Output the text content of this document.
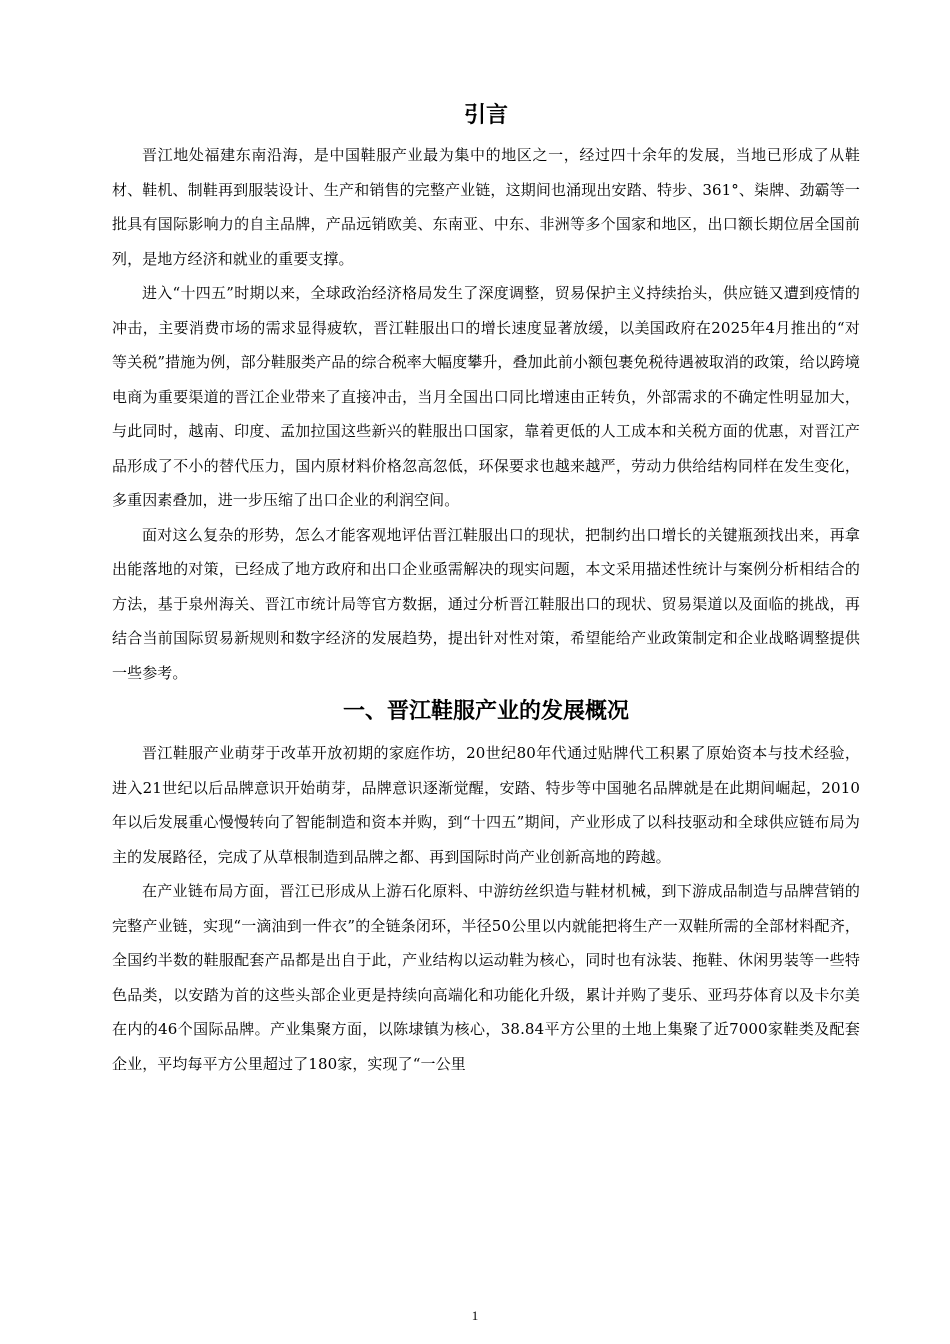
引言

晋江地处福建东南沿海，是中国鞋服产业最为集中的地区之一，经过四十余年的发展，当地已形成了从鞋材、鞋机、制鞋再到服装设计、生产和销售的完整产业链，这期间也涌现出安踏、特步、361°、柒牌、劲霸等一批具有国际影响力的自主品牌，产品远销欧美、东南亚、中东、非洲等多个国家和地区，出口额长期位居全国前列，是地方经济和就业的重要支撑。

进入“十四五”时期以来，全球政治经济格局发生了深度调整，贸易保护主义持续抬头，供应链又遭到疫情的冲击，主要消费市场的需求显得疲软，晋江鞋服出口的增长速度显著放缓，以美国政府在2025年4月推出的“对等关税”措施为例，部分鞋服类产品的综合税率大幅度攀升，叠加此前小额包裹免税待遇被取消的政策，给以跨境电商为重要渠道的晋江企业带来了直接冲击，当月全国出口同比增速由正转负，外部需求的不确定性明显加大，与此同时，越南、印度、孟加拉国这些新兴的鞋服出口国家，靠着更低的人工成本和关税方面的优惠，对晋江产品形成了不小的替代压力，国内原材料价格忽高忽低，环保要求也越来越严，劳动力供给结构同样在发生变化，多重因素叠加，进一步压缩了出口企业的利润空间。

面对这么复杂的形势，怎么才能客观地评估晋江鞋服出口的现状，把制约出口增长的关键瓶颈找出来，再拿出能落地的对策，已经成了地方政府和出口企业亟需解决的现实问题，本文采用描述性统计与案例分析相结合的方法，基于泉州海关、晋江市统计局等官方数据，通过分析晋江鞋服出口的现状、贸易渠道以及面临的挑战，再结合当前国际贸易新规则和数字经济的发展趋势，提出针对性对策，希望能给产业政策制定和企业战略调整提供一些参考。

一、晋江鞋服产业的发展概况

晋江鞋服产业萌芽于改革开放初期的家庭作坊，20世纪80年代通过贴牌代工积累了原始资本与技术经验，进入21世纪以后品牌意识开始萌芽，品牌意识逐渐觉醒，安踏、特步等中国驰名品牌就是在此期间崛起，2010年以后发展重心慢慢转向了智能制造和资本并购，到“十四五”期间，产业形成了以科技驱动和全球供应链布局为主的发展路径，完成了从草根制造到品牌之都、再到国际时尚产业创新高地的跨越。

在产业链布局方面，晋江已形成从上游石化原料、中游纺丝织造与鞋材机械，到下游成品制造与品牌营销的完整产业链，实现“一滴油到一件衣”的全链条闭环，半径50公里以内就能把将生产一双鞋所需的全部材料配齐，全国约半数的鞋服配套产品都是出自于此，产业结构以运动鞋为核心，同时也有泳装、拖鞋、休闲男装等一些特色品类，以安踏为首的这些头部企业更是持续向高端化和功能化升级，累计并购了斐乐、亚玛芬体育以及卡尔美在内的46个国际品牌。产业集聚方面，以陈埭镇为核心，38.84平方公里的土地上集聚了近7000家鞋类及配套企业，平均每平方公里超过了180家，实现了“一公里

1
